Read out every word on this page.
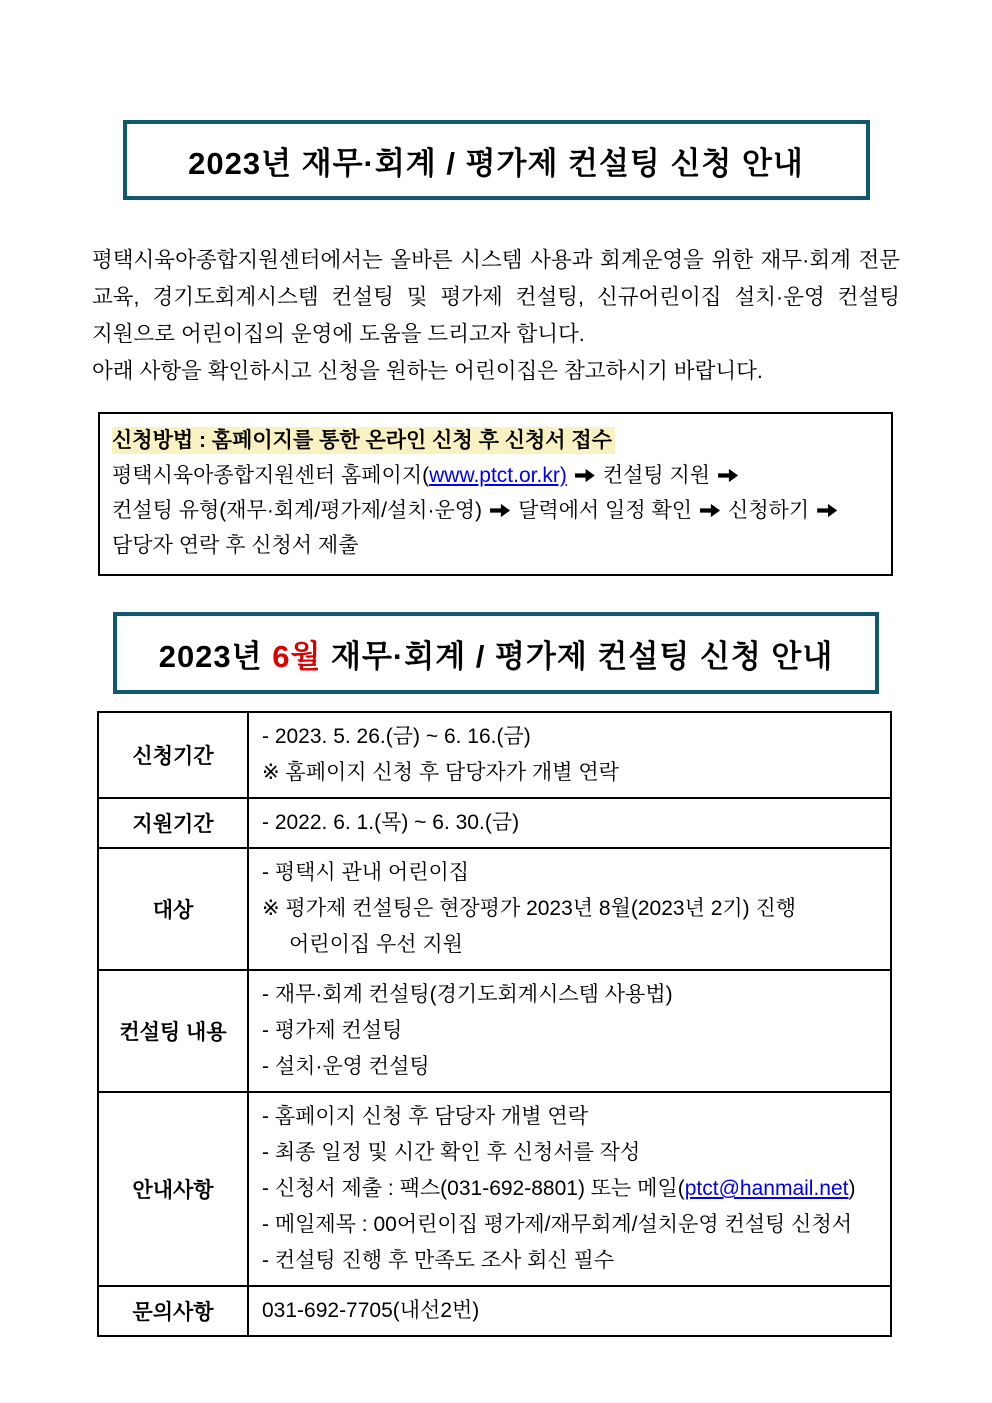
2023년 재무·회계 / 평가제 컨설팅 신청 안내
평택시육아종합지원센터에서는 올바른 시스템 사용과 회계운영을 위한 재무·회계 전문 교육, 경기도회계시스템 컨설팅 및 평가제 컨설팅, 신규어린이집 설치·운영 컨설팅 지원으로 어린이집의 운영에 도움을 드리고자 합니다.
아래 사항을 확인하시고 신청을 원하는 어린이집은 참고하시기 바랍니다.
신청방법 : 홈페이지를 통한 온라인 신청 후 신청서 접수
평택시육아종합지원센터 홈페이지(www.ptct.or.kr) 컨설팅 지원
컨설팅 유형(재무·회계/평가제/설치·운영) 달력에서 일정 확인 신청하기
담당자 연락 후 신청서 제출
2023년 6월 재무·회계 / 평가제 컨설팅 신청 안내
신청기간	- 2023. 5. 26.(금) ~ 6. 16.(금)
※ 홈페이지 신청 후 담당자가 개별 연락

지원기간	- 2022. 6. 1.(목) ~ 6. 30.(금)

대상	- 평택시 관내 어린이집
※ 평가제 컨설팅은 현장평가 2023년 8월(2023년 2기) 진행
어린이집 우선 지원

컨설팅 내용	- 재무·회계 컨설팅(경기도회계시스템 사용법)
- 평가제 컨설팅
- 설치·운영 컨설팅

안내사항	- 홈페이지 신청 후 담당자 개별 연락
- 최종 일정 및 시간 확인 후 신청서를 작성
- 신청서 제출 : 팩스(031-692-8801) 또는 메일(ptct@hanmail.net)
- 메일제목 : 00어린이집 평가제/재무회계/설치운영 컨설팅 신청서
- 컨설팅 진행 후 만족도 조사 회신 필수

문의사항	031-692-7705(내선2번)
